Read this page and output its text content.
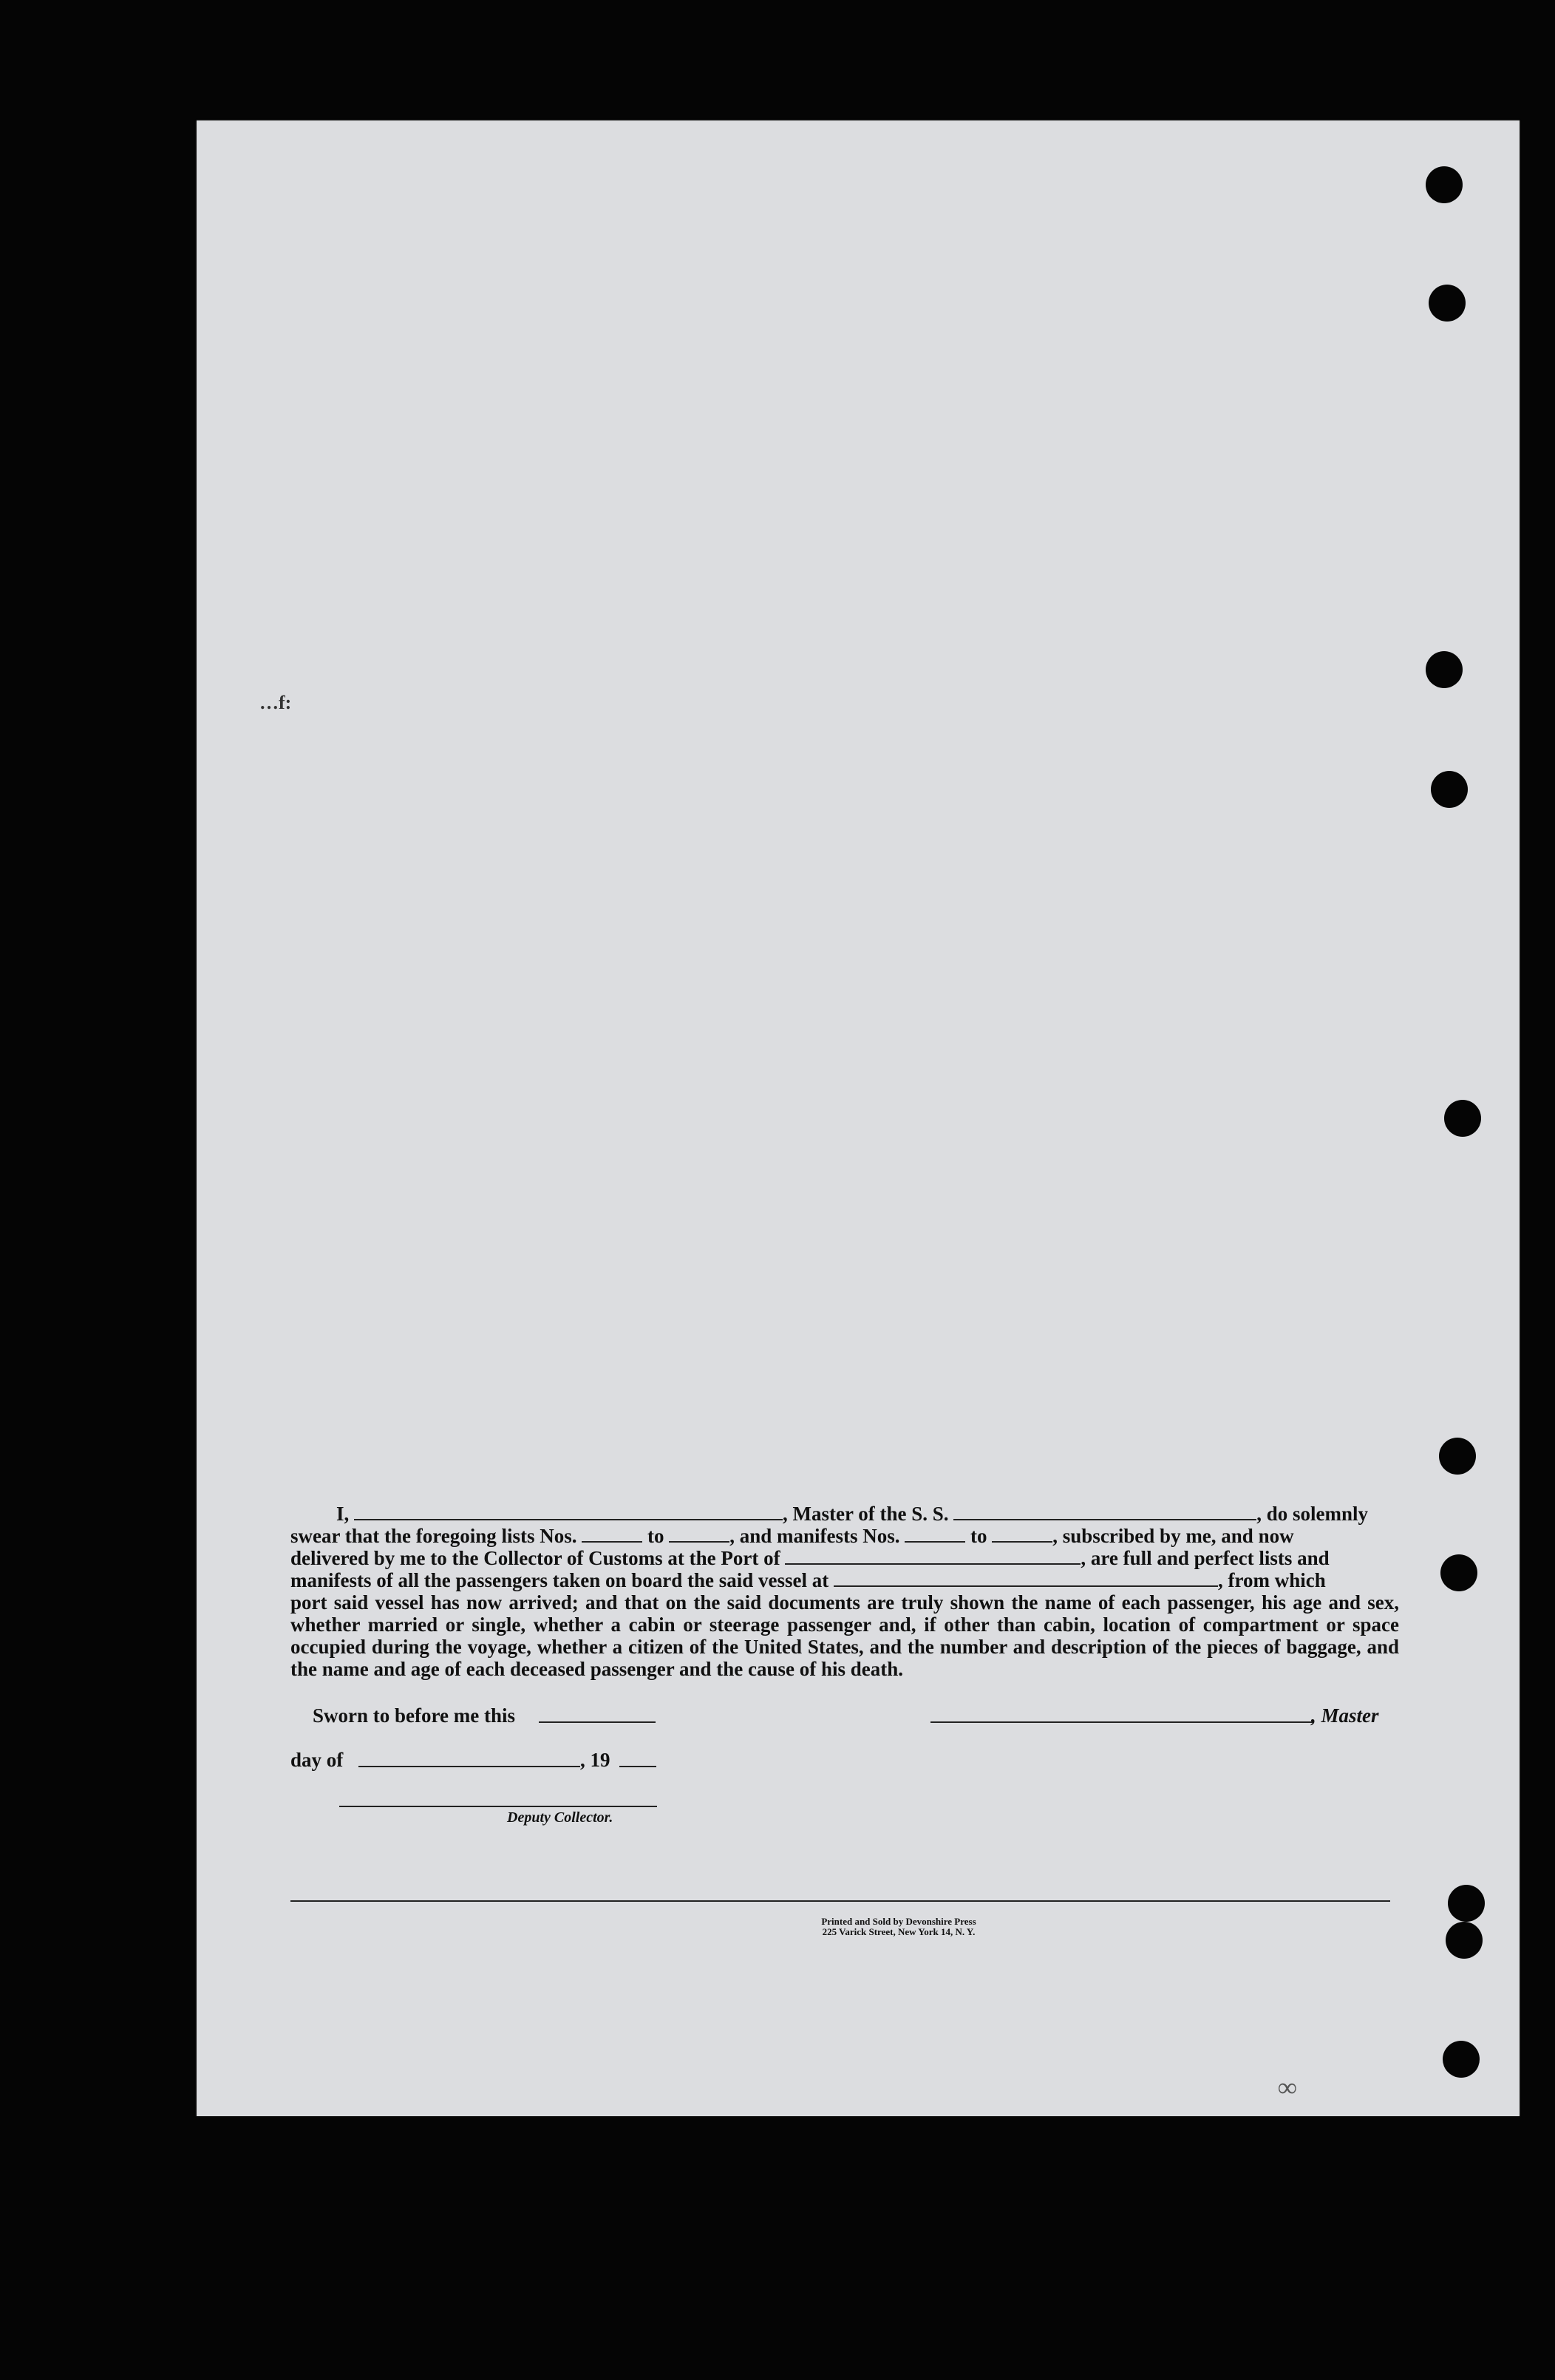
…f:
I,	, Master of the S. S.	, do solemnly
swear that the foregoing lists Nos.	to	, and manifests Nos.	to	, subscribed by me, and now
delivered by me to the Collector of Customs at the Port of	, are full and perfect lists and
manifests of all the passengers taken on board the said vessel at	, from which
port said vessel has now arrived; and that on the said documents are truly shown the name of each passenger, his age and sex, whether married or single, whether a cabin or steerage passenger and, if other than cabin, location of compartment or space occupied during the voyage, whether a citizen of the United States, and the number and description of the pieces of baggage, and the name and age of each deceased passenger and the cause of his death.
Sworn to before me this	, Master
day of	, 19
Deputy Collector.
Printed and Sold by Devonshire Press
225 Varick Street, New York 14, N. Y.
∞
